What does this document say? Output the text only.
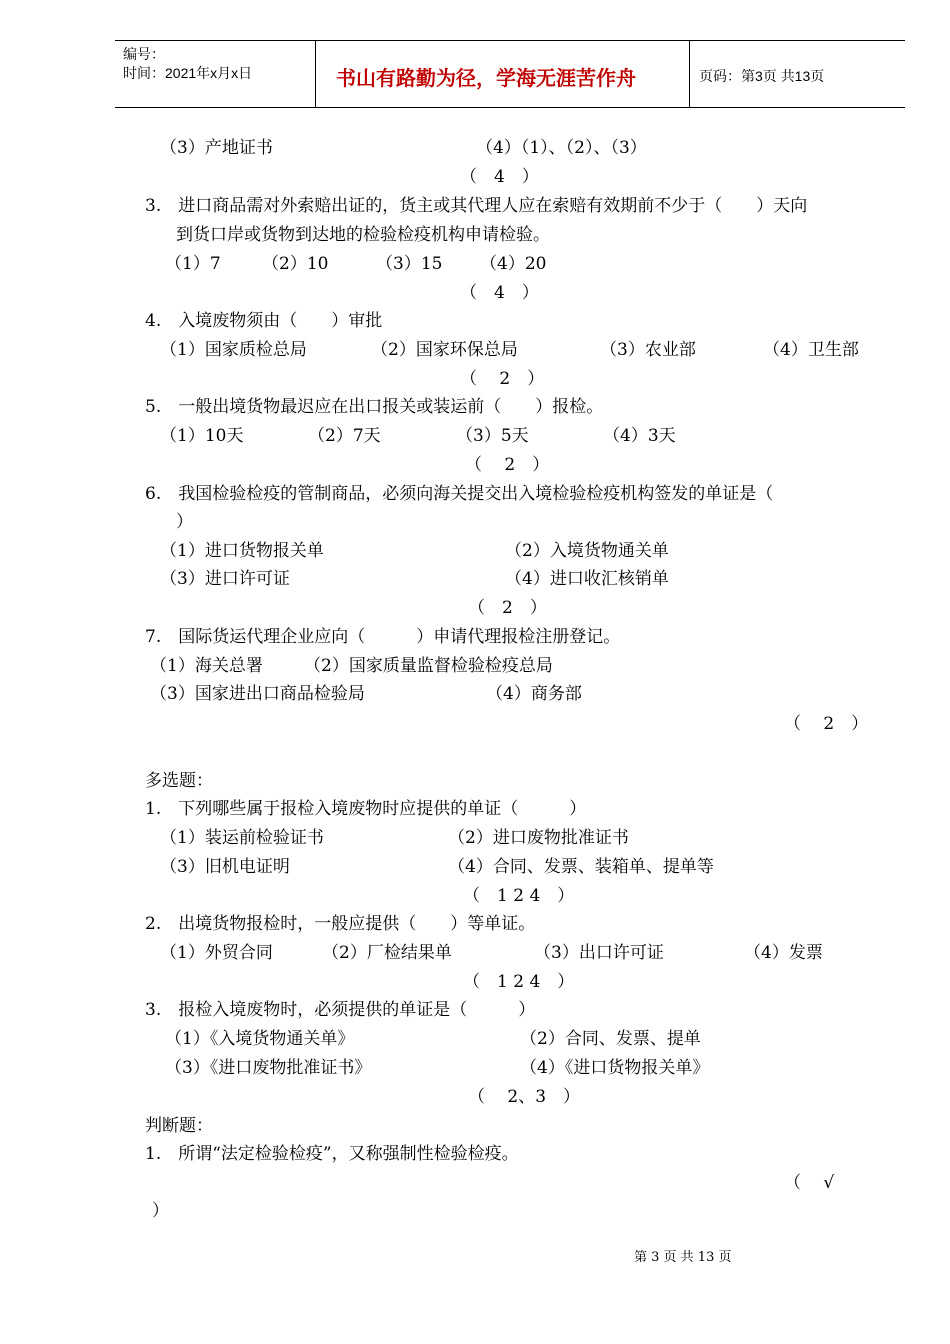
编号：
时间：2021年x月x日	书山有路勤为径，学海无涯苦作舟	页码：第3页 共13页
（3）产地证书	（4）（1）、（2）、（3）
（　4　）
3.　进口商品需对外索赔出证的，货主或其代理人应在索赔有效期前不少于（　　）天向
到货口岸或货物到达地的检验检疫机构申请检验。
（1）7 （2）10	（3）15 （4）20
（　4　）
4.　入境废物须由（　　）审批
（1）国家质检总局	（2）国家环保总局	（3）农业部	（4）卫生部
（　 2　）
5.　一般出境货物最迟应在出口报关或装运前（　　）报检。
（1）10天	（2）7天	（3）5天	（4）3天
（　 2　）
6.　我国检验检疫的管制商品，必须向海关提交出入境检验检疫机构签发的单证是（
）
（1）进口货物报关单	（2）入境货物通关单
（3）进口许可证	（4）进口收汇核销单
（　2　）
7.　国际货运代理企业应向（　　　）申请代理报检注册登记。
（1）海关总署 （2）国家质量监督检验检疫总局
（3）国家进出口商品检验局	（4）商务部
（　 2　）
多选题：
1.　下列哪些属于报检入境废物时应提供的单证（　　　）
（1）装运前检验证书	（2）进口废物批准证书
（3）旧机电证明	（4）合同、发票、装箱单、提单等
（　1 2 4　）
2.　出境货物报检时，一般应提供（　　）等单证。
（1）外贸合同	（2）厂检结果单	（3）出口许可证	（4）发票
（　1 2 4　）
3.　报检入境废物时，必须提供的单证是（　　　）
（1）《入境货物通关单》	（2）合同、发票、提单
（3）《进口废物批准证书》	（4）《进口货物报关单》
（　 2、3　）
判断题：
1.　所谓“法定检验检疫”，又称强制性检验检疫。
（　 √
）
第 3 页 共 13 页
